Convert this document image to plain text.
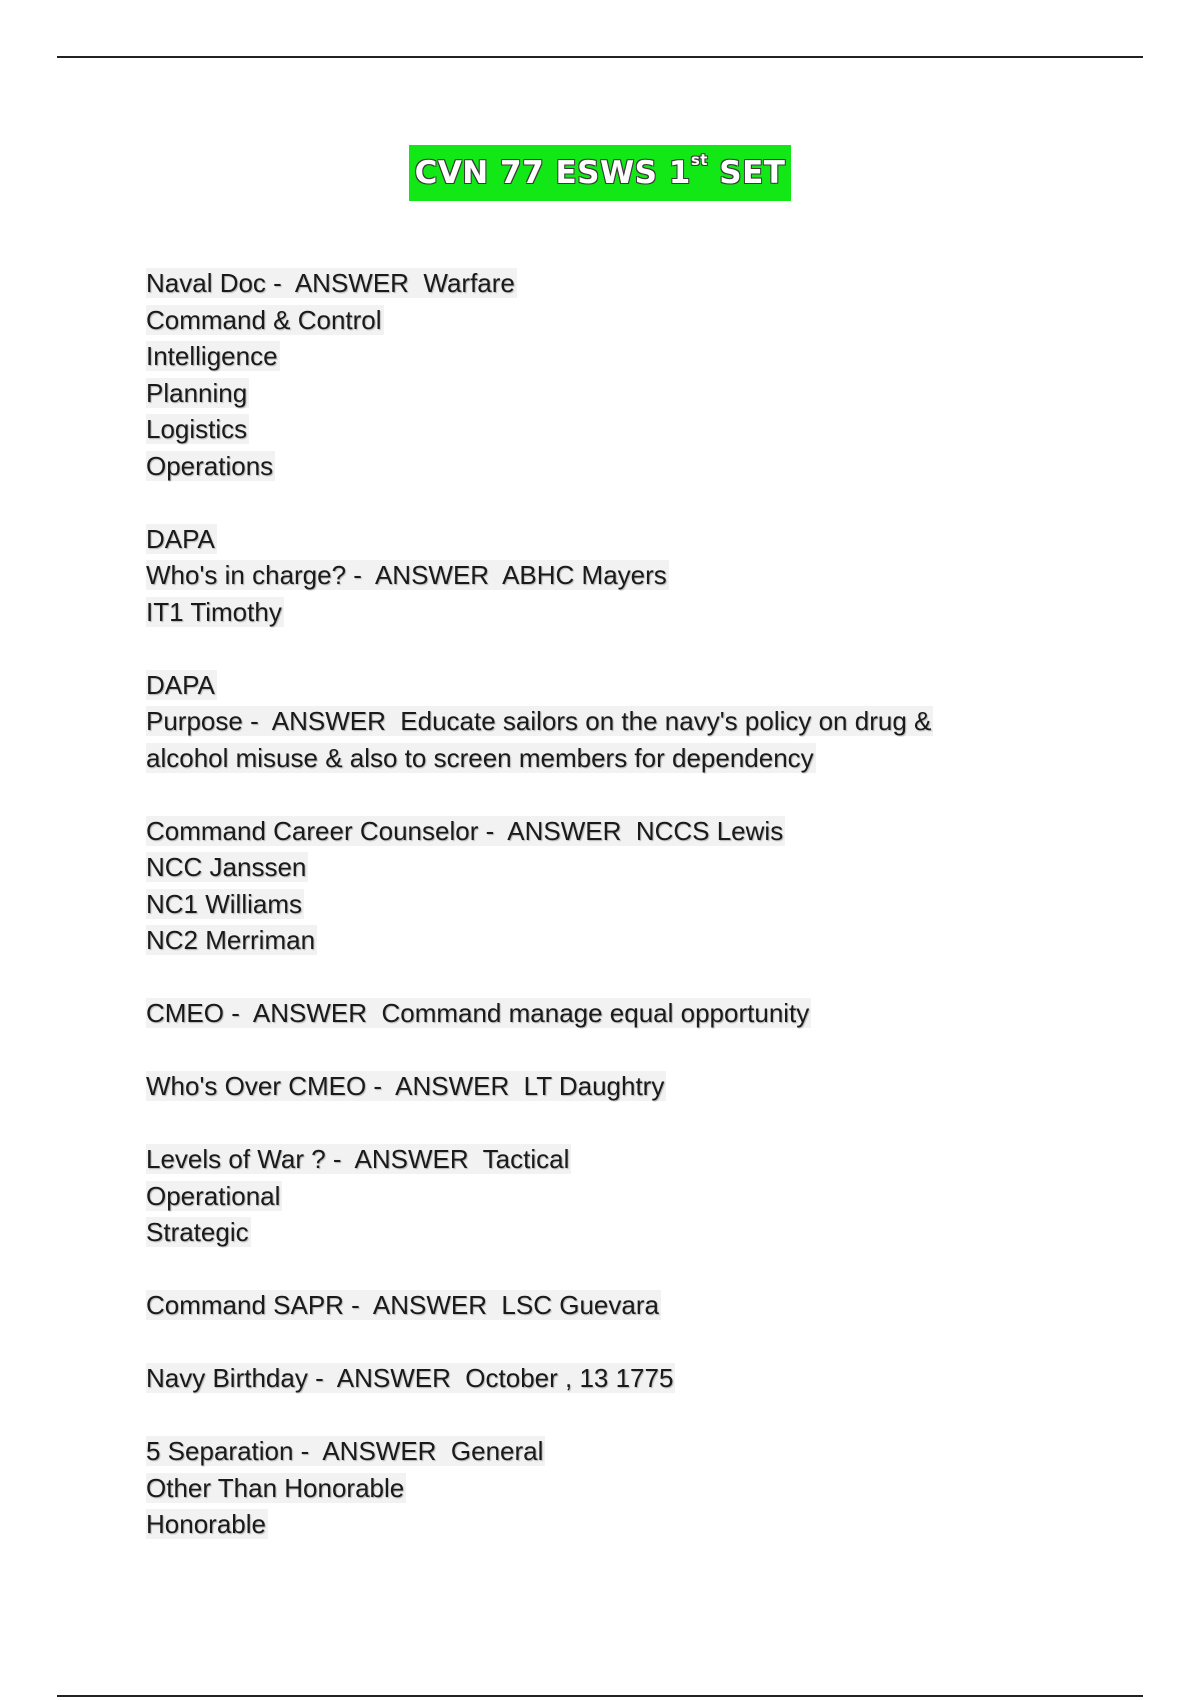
CVN 77 ESWS 1st SET
Naval Doc -  ANSWER  Warfare
Command & Control
Intelligence
Planning
Logistics
Operations
DAPA
Who's in charge? -  ANSWER  ABHC Mayers
IT1 Timothy
DAPA
Purpose -  ANSWER  Educate sailors on the navy's policy on drug &
alcohol misuse & also to screen members for dependency
Command Career Counselor -  ANSWER  NCCS Lewis
NCC Janssen
NC1 Williams
NC2 Merriman
CMEO -  ANSWER  Command manage equal opportunity
Who's Over CMEO -  ANSWER  LT Daughtry
Levels of War ? -  ANSWER  Tactical
Operational
Strategic
Command SAPR -  ANSWER  LSC Guevara
Navy Birthday -  ANSWER  October , 13 1775
5 Separation -  ANSWER  General
Other Than Honorable
Honorable
